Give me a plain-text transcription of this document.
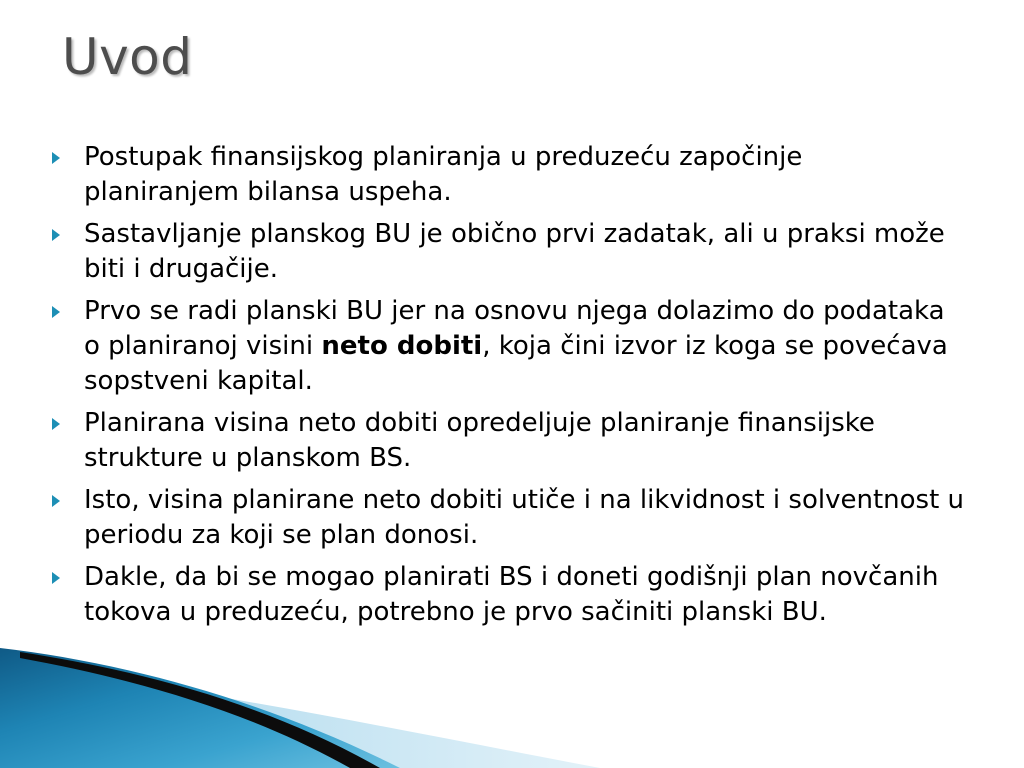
Uvod
Postupak finansijskog planiranja u preduzeću započinje planiranjem bilansa uspeha.
Sastavljanje planskog BU je obično prvi zadatak, ali u praksi može biti i drugačije.
Prvo se radi planski BU jer na osnovu njega dolazimo do podataka o planiranoj visini neto dobiti, koja čini izvor iz koga se povećava sopstveni kapital.
Planirana visina neto dobiti opredeljuje planiranje finansijske strukture u planskom BS.
Isto, visina planirane neto dobiti utiče i na likvidnost i solventnost u periodu za koji se plan donosi.
Dakle, da bi se mogao planirati BS i doneti godišnji plan novčanih tokova u preduzeću, potrebno je prvo sačiniti planski BU.
